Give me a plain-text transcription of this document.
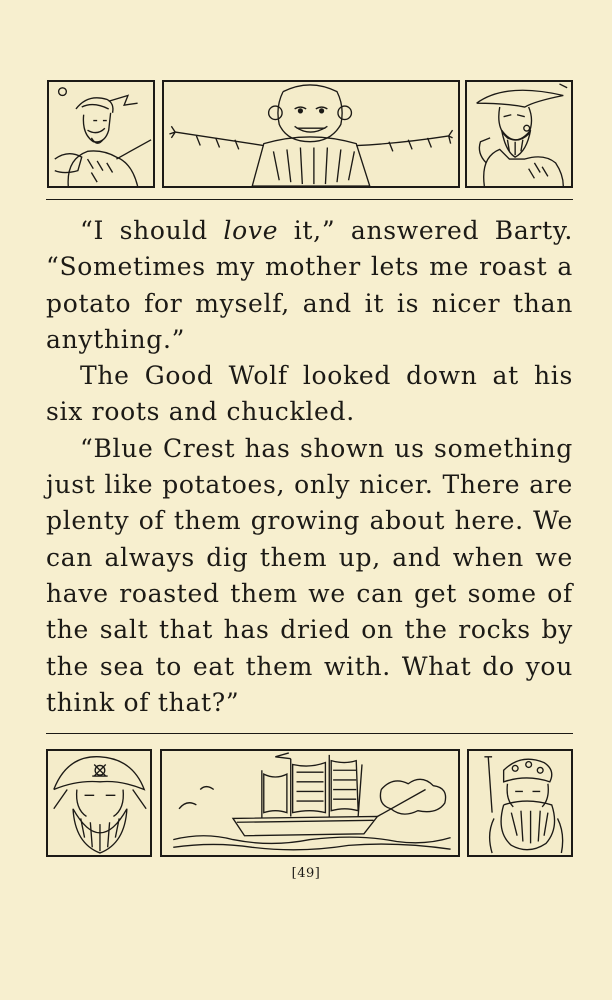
“I should love it,” answered Barty. “Sometimes my mother lets me roast a potato for myself, and it is nicer than anything.”

The Good Wolf looked down at his six roots and chuckled.

“Blue Crest has shown us something just like potatoes, only nicer. There are plenty of them growing about here. We can always dig them up, and when we have roasted them we can get some of the salt that has dried on the rocks by the sea to eat them with. What do you think of that?”

[49]
